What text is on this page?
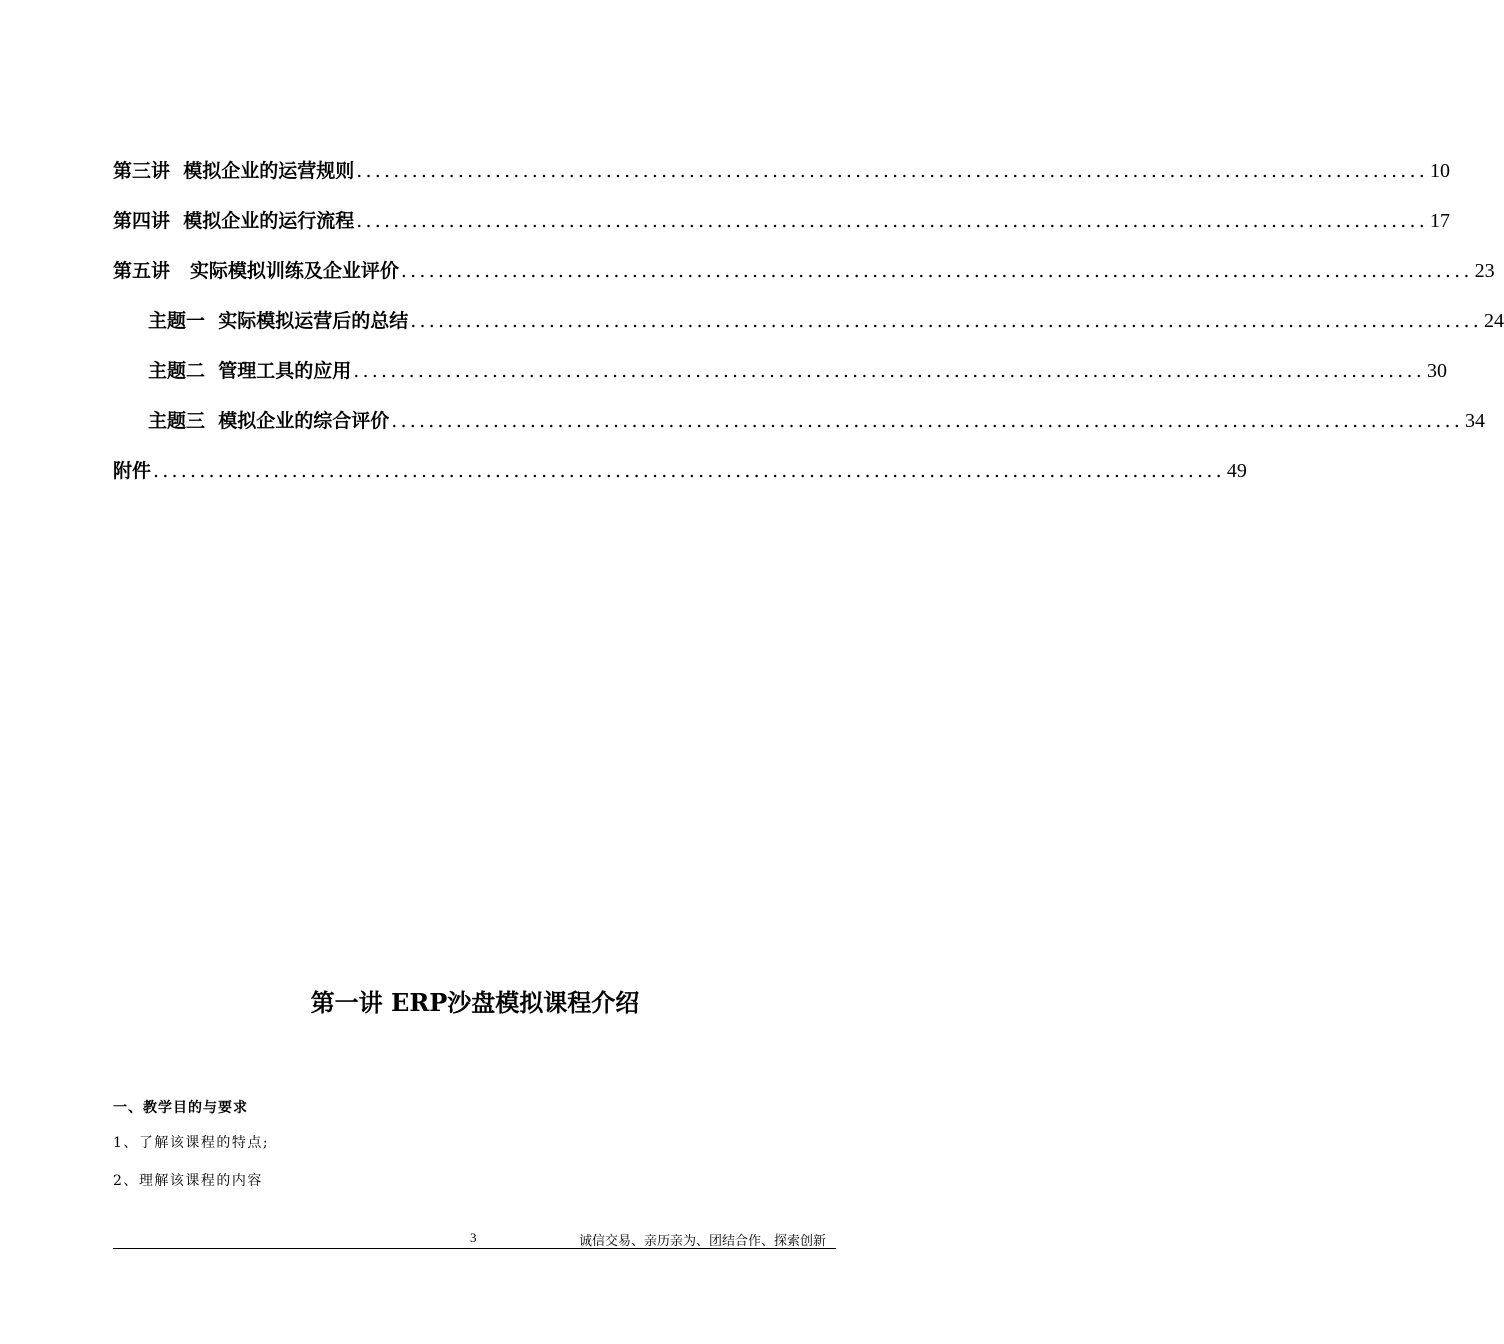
第三讲  模拟企业的运营规则 .................................................................................................................... 10
第四讲  模拟企业的运行流程 .................................................................................................................... 17
第五讲   实际模拟训练及企业评价 .................................................................................................................... 23
主题一  实际模拟运营后的总结 .................................................................................................................... 24
主题二  管理工具的应用 .................................................................................................................... 30
主题三  模拟企业的综合评价 .................................................................................................................... 34
附件 .................................................................................................................... 49
第一讲 ERP沙盘模拟课程介绍
一、教学目的与要求
1、了解该课程的特点;
2、理解该课程的内容
3	诚信交易、亲历亲为、团结合作、探索创新
